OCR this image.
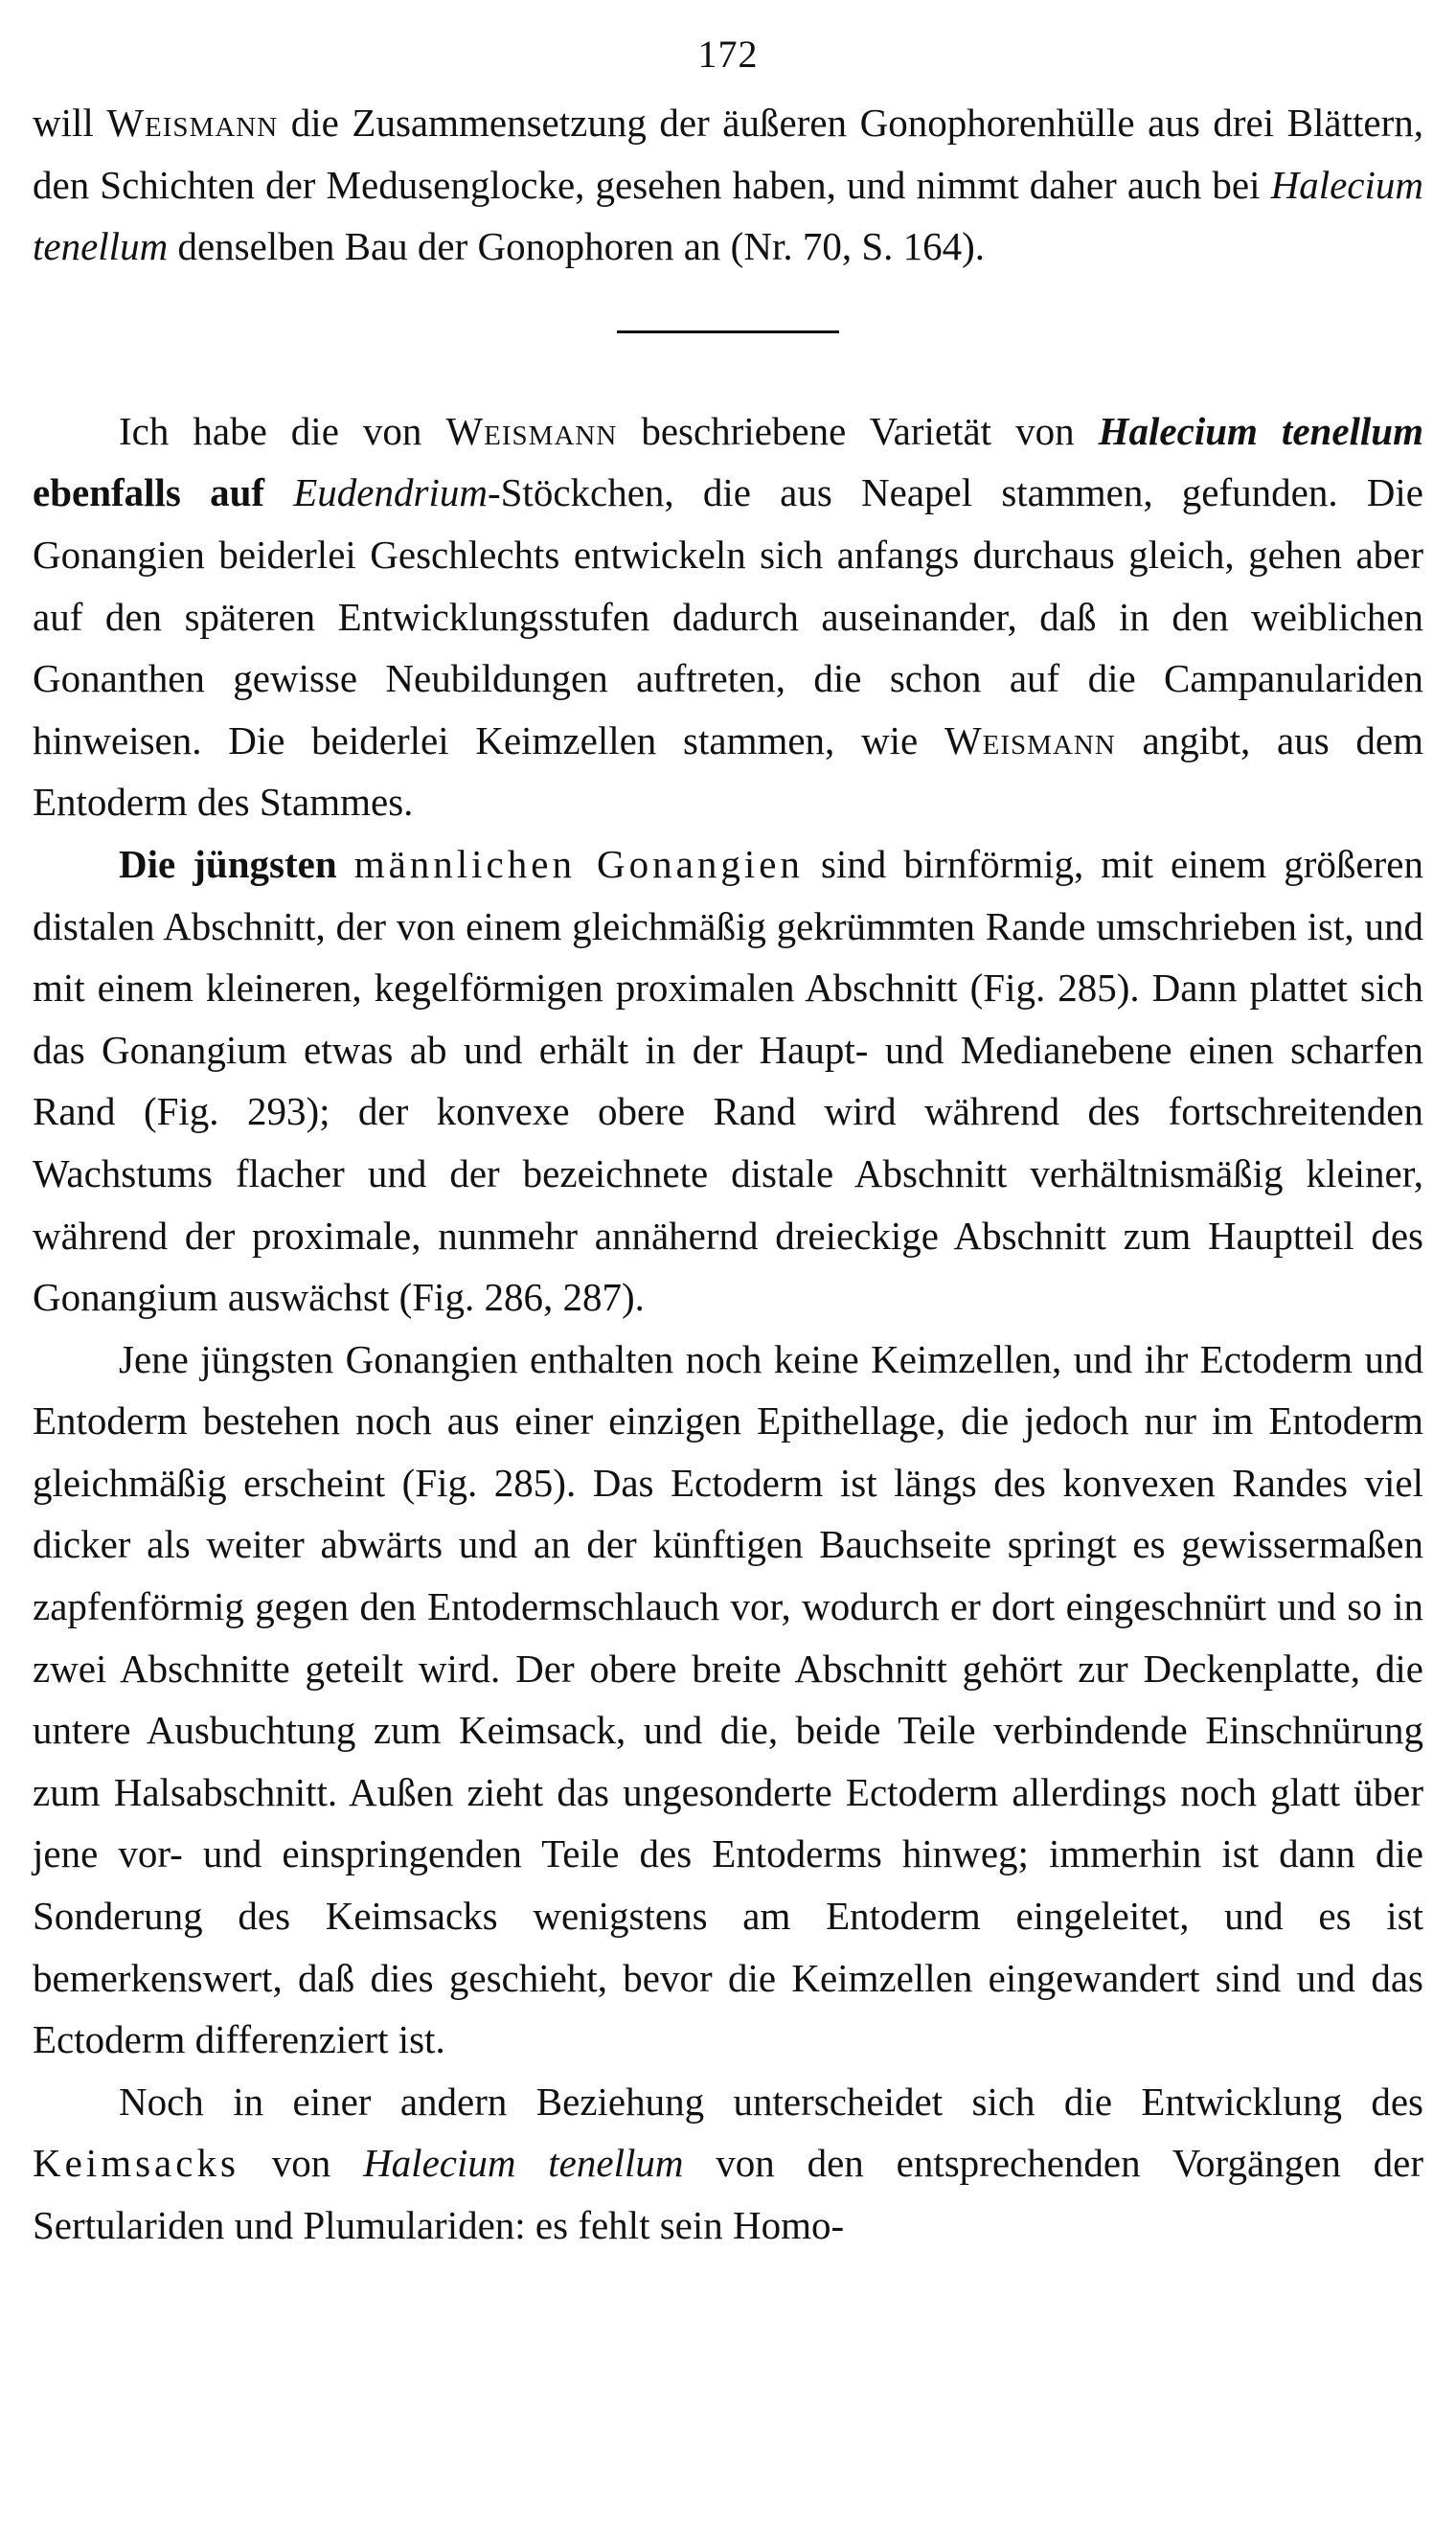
172

will Weismann die Zusammensetzung der äußeren Gonophorenhülle aus drei Blättern, den Schichten der Medusenglocke, gesehen haben, und nimmt daher auch bei Halecium tenellum denselben Bau der Gonophoren an (Nr. 70, S. 164).

Ich habe die von Weismann beschriebene Varietät von Halecium tenellum ebenfalls auf Eudendrium-Stöckchen, die aus Neapel stammen, gefunden. Die Gonangien beiderlei Geschlechts entwickeln sich anfangs durchaus gleich, gehen aber auf den späteren Entwicklungsstufen dadurch auseinander, daß in den weiblichen Gonanthen gewisse Neubildungen auftreten, die schon auf die Campanulariden hinweisen. Die beiderlei Keimzellen stammen, wie Weismann angibt, aus dem Entoderm des Stammes.

Die jüngsten männlichen Gonangien sind birnförmig, mit einem größeren distalen Abschnitt, der von einem gleichmäßig gekrümmten Rande umschrieben ist, und mit einem kleineren, kegelförmigen proximalen Abschnitt (Fig. 285). Dann plattet sich das Gonangium etwas ab und erhält in der Haupt- und Medianebene einen scharfen Rand (Fig. 293); der konvexe obere Rand wird während des fortschreitenden Wachstums flacher und der bezeichnete distale Abschnitt verhältnismäßig kleiner, während der proximale, nunmehr annähernd dreieckige Abschnitt zum Hauptteil des Gonangium auswächst (Fig. 286, 287).

Jene jüngsten Gonangien enthalten noch keine Keimzellen, und ihr Ectoderm und Entoderm bestehen noch aus einer einzigen Epithellage, die jedoch nur im Entoderm gleichmäßig erscheint (Fig. 285). Das Ectoderm ist längs des konvexen Randes viel dicker als weiter abwärts und an der künftigen Bauchseite springt es gewissermaßen zapfenförmig gegen den Entodermschlauch vor, wodurch er dort eingeschnürt und so in zwei Abschnitte geteilt wird. Der obere breite Abschnitt gehört zur Deckenplatte, die untere Ausbuchtung zum Keimsack, und die, beide Teile verbindende Einschnürung zum Halsabschnitt. Außen zieht das ungesonderte Ectoderm allerdings noch glatt über jene vor- und einspringenden Teile des Entoderms hinweg; immerhin ist dann die Sonderung des Keimsacks wenigstens am Entoderm eingeleitet, und es ist bemerkenswert, daß dies geschieht, bevor die Keimzellen eingewandert sind und das Ectoderm differenziert ist.

Noch in einer andern Beziehung unterscheidet sich die Entwicklung des Keimsacks von Halecium tenellum von den entsprechenden Vorgängen der Sertulariden und Plumulariden: es fehlt sein Homo-
